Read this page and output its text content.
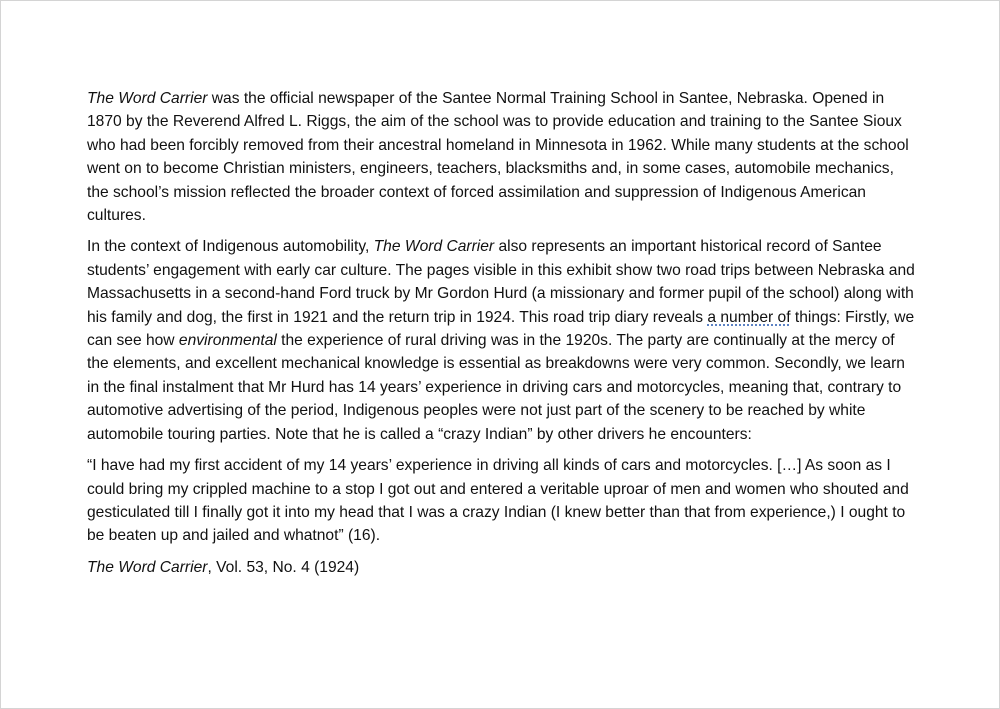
The Word Carrier was the official newspaper of the Santee Normal Training School in Santee, Nebraska. Opened in 1870 by the Reverend Alfred L. Riggs, the aim of the school was to provide education and training to the Santee Sioux who had been forcibly removed from their ancestral homeland in Minnesota in 1962. While many students at the school went on to become Christian ministers, engineers, teachers, blacksmiths and, in some cases, automobile mechanics, the school’s mission reflected the broader context of forced assimilation and suppression of Indigenous American cultures.

In the context of Indigenous automobility, The Word Carrier also represents an important historical record of Santee students’ engagement with early car culture. The pages visible in this exhibit show two road trips between Nebraska and Massachusetts in a second-hand Ford truck by Mr Gordon Hurd (a missionary and former pupil of the school) along with his family and dog, the first in 1921 and the return trip in 1924. This road trip diary reveals a number of things: Firstly, we can see how environmental the experience of rural driving was in the 1920s. The party are continually at the mercy of the elements, and excellent mechanical knowledge is essential as breakdowns were very common. Secondly, we learn in the final instalment that Mr Hurd has 14 years’ experience in driving cars and motorcycles, meaning that, contrary to automotive advertising of the period, Indigenous peoples were not just part of the scenery to be reached by white automobile touring parties. Note that he is called a “crazy Indian” by other drivers he encounters:

“I have had my first accident of my 14 years’ experience in driving all kinds of cars and motorcycles. […] As soon as I could bring my crippled machine to a stop I got out and entered a veritable uproar of men and women who shouted and gesticulated till I finally got it into my head that I was a crazy Indian (I knew better than that from experience,) I ought to be beaten up and jailed and whatnot” (16).

The Word Carrier, Vol. 53, No. 4 (1924)
